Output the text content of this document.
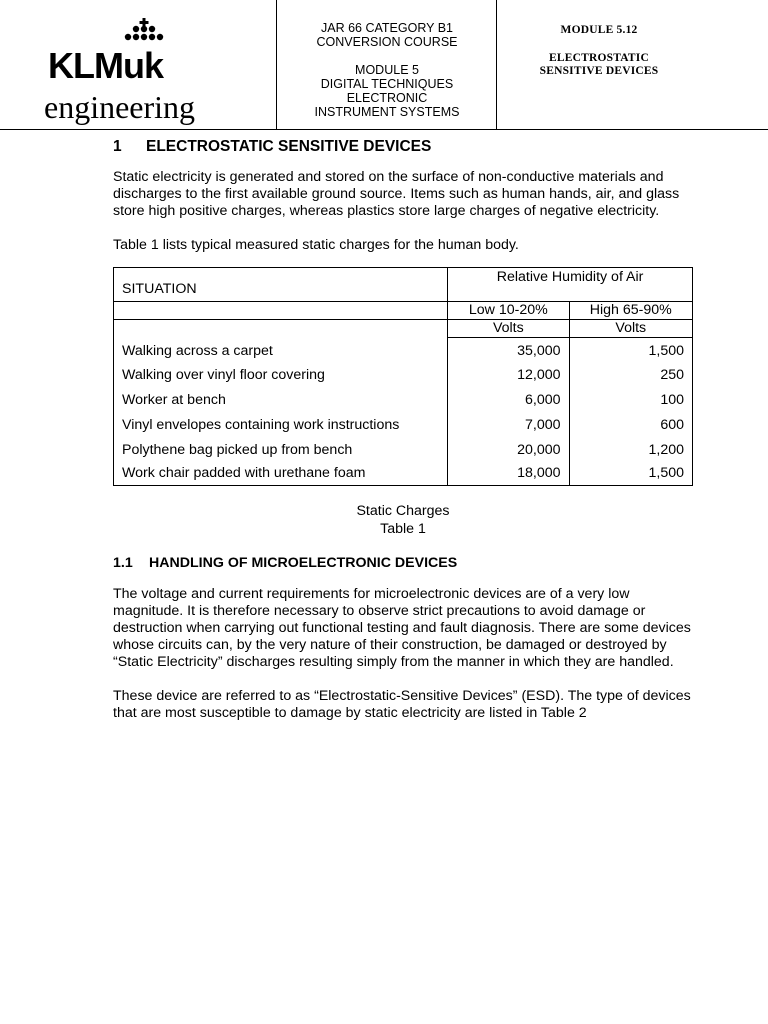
KLMuk
engineering

JAR 66 CATEGORY B1

CONVERSION COURSE

MODULE 5

DIGITAL TECHNIQUES

ELECTRONIC

INSTRUMENT SYSTEMS

MODULE 5.12

ELECTROSTATIC

SENSITIVE DEVICES

1 ELECTROSTATIC SENSITIVE DEVICES

Static electricity is generated and stored on the surface of non-conductive materials and discharges to the first available ground source. Items such as human hands, air, and glass store high positive charges, whereas plastics store large charges of negative electricity.

Table 1 lists typical measured static charges for the human body.

SITUATION	Relative Humidity of Air	

	Low 10-20%	High 65-90%
	Volts	Volts
Walking across a carpet	35,000	1,500
Walking over vinyl floor covering	12,000	250
Worker at bench	6,000	100
Vinyl envelopes containing work instructions	7,000	600
Polythene bag picked up from bench	20,000	1,200
Work chair padded with urethane foam	18,000	1,500
Static Charges
Table 1
1.1 HANDLING OF MICROELECTRONIC DEVICES

The voltage and current requirements for microelectronic devices are of a very low magnitude. It is therefore necessary to observe strict precautions to avoid damage or destruction when carrying out functional testing and fault diagnosis. There are some devices whose circuits can, by the very nature of their construction, be damaged or destroyed by “Static Electricity” discharges resulting simply from the manner in which they are handled.

These device are referred to as “Electrostatic-Sensitive Devices” (ESD). The type of devices that are most susceptible to damage by static electricity are listed in Table 2
